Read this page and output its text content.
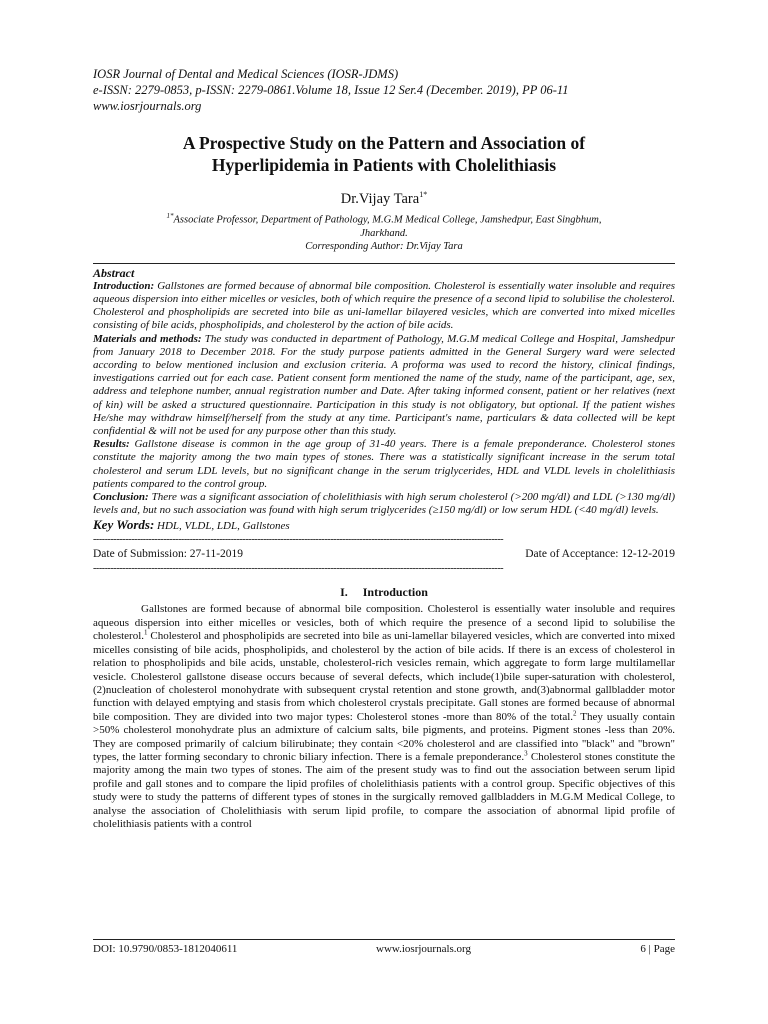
IOSR Journal of Dental and Medical Sciences (IOSR-JDMS)
e-ISSN: 2279-0853, p-ISSN: 2279-0861.Volume 18, Issue 12 Ser.4 (December. 2019), PP 06-11
www.iosrjournals.org
A Prospective Study on the Pattern and Association of
Hyperlipidemia in Patients with Cholelithiasis
Dr.Vijay Tara$^{1*}$
$^{1*}$Associate Professor, Department of Pathology, M.G.M Medical College, Jamshedpur, East Singbhum,
Jharkhand.
Corresponding Author: Dr.Vijay Tara
Abstract

Introduction: Gallstones are formed because of abnormal bile composition. Cholesterol is essentially water insoluble and requires aqueous dispersion into either micelles or vesicles, both of which require the presence of a second lipid to solubilise the cholesterol. Cholesterol and phospholipids are secreted into bile as uni-lamellar bilayered vesicles, which are converted into mixed micelles consisting of bile acids, phospholipids, and cholesterol by the action of bile acids.

Materials and methods: The study was conducted in department of Pathology, M.G.M medical College and Hospital, Jamshedpur from January 2018 to December 2018. For the study purpose patients admitted in the General Surgery ward were selected according to below mentioned inclusion and exclusion criteria. A proforma was used to record the history, clinical findings, investigations carried out for each case. Patient consent form mentioned the name of the study, name of the participant, age, sex, address and telephone number, annual registration number and Date. After taking informed consent, patient or her relatives (next of kin) will be asked a structured questionnaire. Participation in this study is not obligatory, but optional. If the patient wishes He/she may withdraw himself/herself from the study at any time. Participant's name, particulars & data collected will be kept confidential & will not be used for any purpose other than this study.

Results: Gallstone disease is common in the age group of 31-40 years. There is a female preponderance. Cholesterol stones constitute the majority among the two main types of stones. There was a statistically significant increase in the serum total cholesterol and serum LDL levels, but no significant change in the serum triglycerides, HDL and VLDL levels in cholelithiasis patients compared to the control group.

Conclusion: There was a significant association of cholelithiasis with high serum cholesterol (>200 mg/dl) and LDL (>130 mg/dl) levels and, but no such association was found with high serum triglycerides (≥150 mg/dl) or low serum HDL (<40 mg/dl) levels.

Key Words: HDL, VLDL, LDL, Gallstones
--------------------------------------------------------------------------------------------------------------------------------------------
Date of Submission: 27-11-2019	Date of Acceptance: 12-12-2019
--------------------------------------------------------------------------------------------------------------------------------------------
I.     Introduction

Gallstones are formed because of abnormal bile composition. Cholesterol is essentially water insoluble and requires aqueous dispersion into either micelles or vesicles, both of which require the presence of a second lipid to solubilise the cholesterol.$^1$ Cholesterol and phospholipids are secreted into bile as uni-lamellar bilayered vesicles, which are converted into mixed micelles consisting of bile acids, phospholipids, and cholesterol by the action of bile acids. If there is an excess of cholesterol in relation to phospholipids and bile acids, unstable, cholesterol-rich vesicles remain, which aggregate to form large multilamellar vesicle. Cholesterol gallstone disease occurs because of several defects, which include(1)bile super-saturation with cholesterol,(2)nucleation of cholesterol monohydrate with subsequent crystal retention and stone growth, and(3)abnormal gallbladder motor function with delayed emptying and stasis from which cholesterol crystals precipitate. Gall stones are formed because of abnormal bile composition. They are divided into two major types: Cholesterol stones -more than 80% of the total.$^2$ They usually contain >50% cholesterol monohydrate plus an admixture of calcium salts, bile pigments, and proteins. Pigment stones -less than 20%. They are composed primarily of calcium bilirubinate; they contain <20% cholesterol and are classified into "black" and "brown" types, the latter forming secondary to chronic biliary infection. There is a female preponderance.$^3$ Cholesterol stones constitute the majority among the main two types of stones. The aim of the present study was to find out the association between serum lipid profile and gall stones and to compare the lipid profiles of cholelithiasis patients with a control group. Specific objectives of this study were to study the patterns of different types of stones in the surgically removed gallbladders in M.G.M Medical College, to analyse the association of Cholelithiasis with serum lipid profile, to compare the association of abnormal lipid profile of cholelithiasis patients with a control

DOI: 10.9790/0853-1812040611	www.iosrjournals.org	6 | Page
